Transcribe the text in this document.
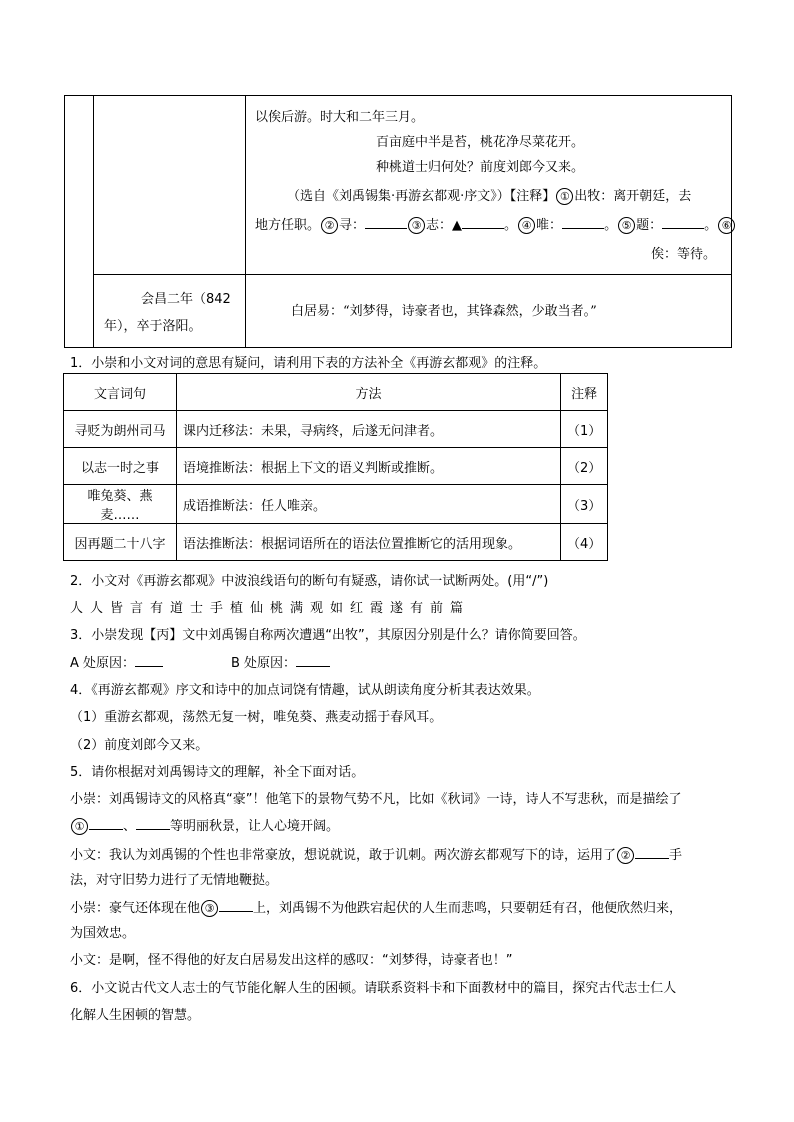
以俟后游。时大和二年三月。
百亩庭中半是苔，桃花净尽菜花开。
种桃道士归何处？前度刘郎今又来。
（选自《刘禹锡集·再游玄都观·序文》）【注释】 ① 出牧：离开朝廷，去
地方任职。 ② 寻：	③ 志：▲	。 ④ 唯：	。 ⑤ 题：	。 ⑥
俟：等待。
会昌二年（842
年），卒于洛阳。
白居易：“刘梦得，诗豪者也，其锋森然，少敢当者。”
1．小崇和小文对词的意思有疑问，请利用下表的方法补全《再游玄都观》的注释。
文言词句	方法	注释
寻贬为朗州司马	课内迁移法：未果，寻病终，后遂无问津者。	（1）
以志一时之事	语境推断法：根据上下文的语义判断或推断。	（2）
唯兔葵、燕麦……	成语推断法：任人唯亲。	（3）
因再题二十八字	语法推断法：根据词语所在的语法位置推断它的活用现象。	（4）
2．小文对《再游玄都观》中波浪线语句的断句有疑惑，请你试一试断两处。(用“/”)
人人皆言有道士手植仙桃满观如红霞遂有前篇
3．小崇发现【丙】文中刘禹锡自称两次遭遇“出牧”，其原因分别是什么？请你简要回答。
A 处原因：	B 处原因：
4．《再游玄都观》序文和诗中的加点词饶有情趣，试从朗读角度分析其表达效果。
（1）重游玄都观，荡然无复一树，唯兔葵、燕麦动摇于春风耳。
（2）前度刘郎今又来。
5．请你根据对刘禹锡诗文的理解，补全下面对话。
小崇：刘禹锡诗文的风格真“豪”！他笔下的景物气势不凡，比如《秋词》一诗，诗人不写悲秋，而是描绘了
①	、	等明丽秋景，让人心境开阔。
小文：我认为刘禹锡的个性也非常豪放，想说就说，敢于讥刺。两次游玄都观写下的诗，运用了 ②	手
法，对守旧势力进行了无情地鞭挞。
小崇：豪气还体现在他 ③	上，刘禹锡不为他跌宕起伏的人生而悲鸣，只要朝廷有召，他便欣然归来，
为国效忠。
小文：是啊，怪不得他的好友白居易发出这样的感叹：“刘梦得，诗豪者也！”
6．小文说古代文人志士的气节能化解人生的困顿。请联系资料卡和下面教材中的篇目，探究古代志士仁人
化解人生困顿的智慧。
